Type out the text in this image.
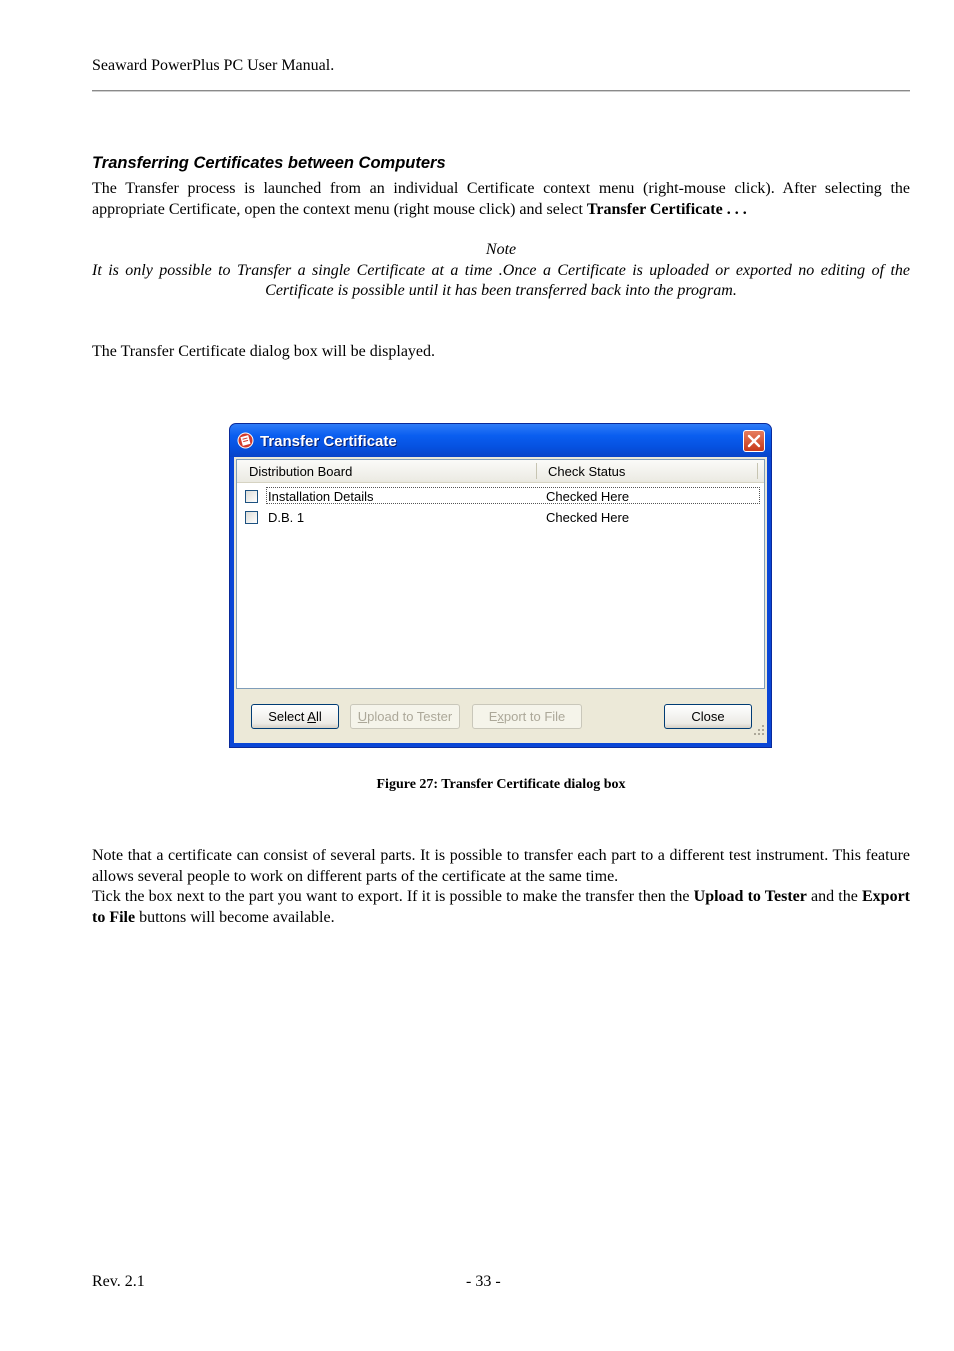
Seaward PowerPlus PC User Manual.
Transferring Certificates between Computers

The Transfer process is launched from an individual Certificate context menu (right-mouse click). After selecting the appropriate Certificate, open the context menu (right mouse click) and select Transfer Certificate . . .

Note
It is only possible to Transfer a single Certificate at a time .Once a Certificate is uploaded or exported no editing of the Certificate is possible until it has been transferred back into the program.

The Transfer Certificate dialog box will be displayed.

Transfer Certificate
Distribution Board	Check Status
Installation Details	Checked Here
D.B. 1	Checked Here
Select All	Upload to Tester	Export to File	Close
Figure 27: Transfer Certificate dialog box

Note that a certificate can consist of several parts. It is possible to transfer each part to a different test instrument. This feature allows several people to work on different parts of the certificate at the same time.

Tick the box next to the part you want to export. If it is possible to make the transfer then the Upload to Tester and the Export to File buttons will become available.

Rev. 2.1	- 33 -
